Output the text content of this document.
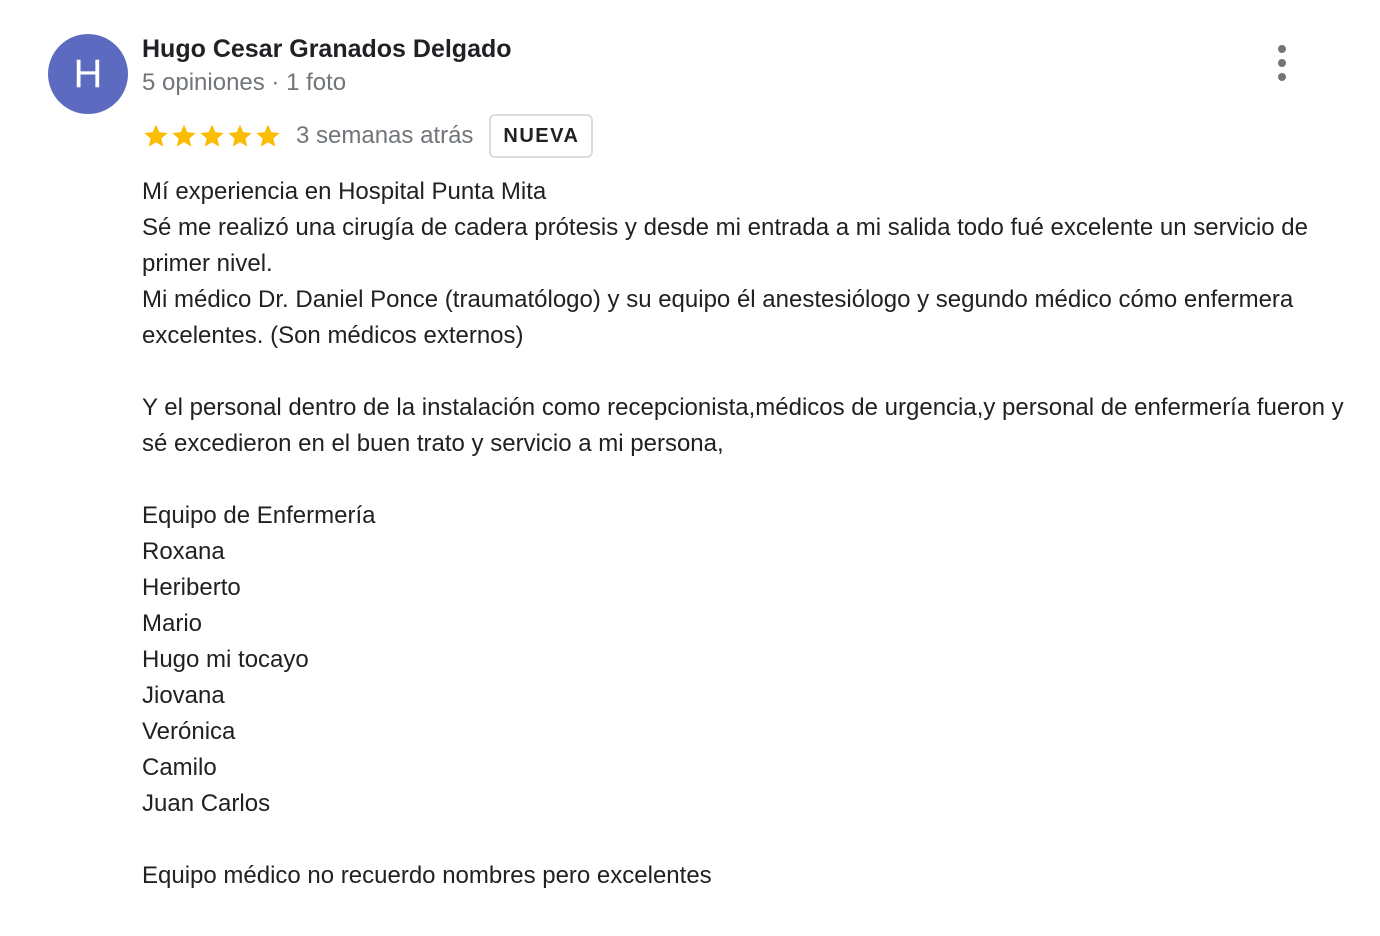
H
Hugo Cesar Granados Delgado
5 opiniones · 1 foto
3 semanas atrás	NUEVA
Mí experiencia en Hospital Punta Mita
Sé me realizó una cirugía de cadera prótesis y desde mi entrada a mi salida todo fué excelente un servicio de primer nivel.
Mi médico Dr. Daniel Ponce (traumatólogo) y su equipo él anestesiólogo y segundo médico cómo enfermera excelentes. (Son médicos externos)
Y el personal dentro de la instalación como recepcionista,médicos de urgencia,y personal de enfermería fueron y sé excedieron en el buen trato y servicio a mi persona,
Equipo de Enfermería
Roxana
Heriberto
Mario
Hugo mi tocayo
Jiovana
Verónica
Camilo
Juan Carlos
Equipo médico no recuerdo nombres pero excelentes
